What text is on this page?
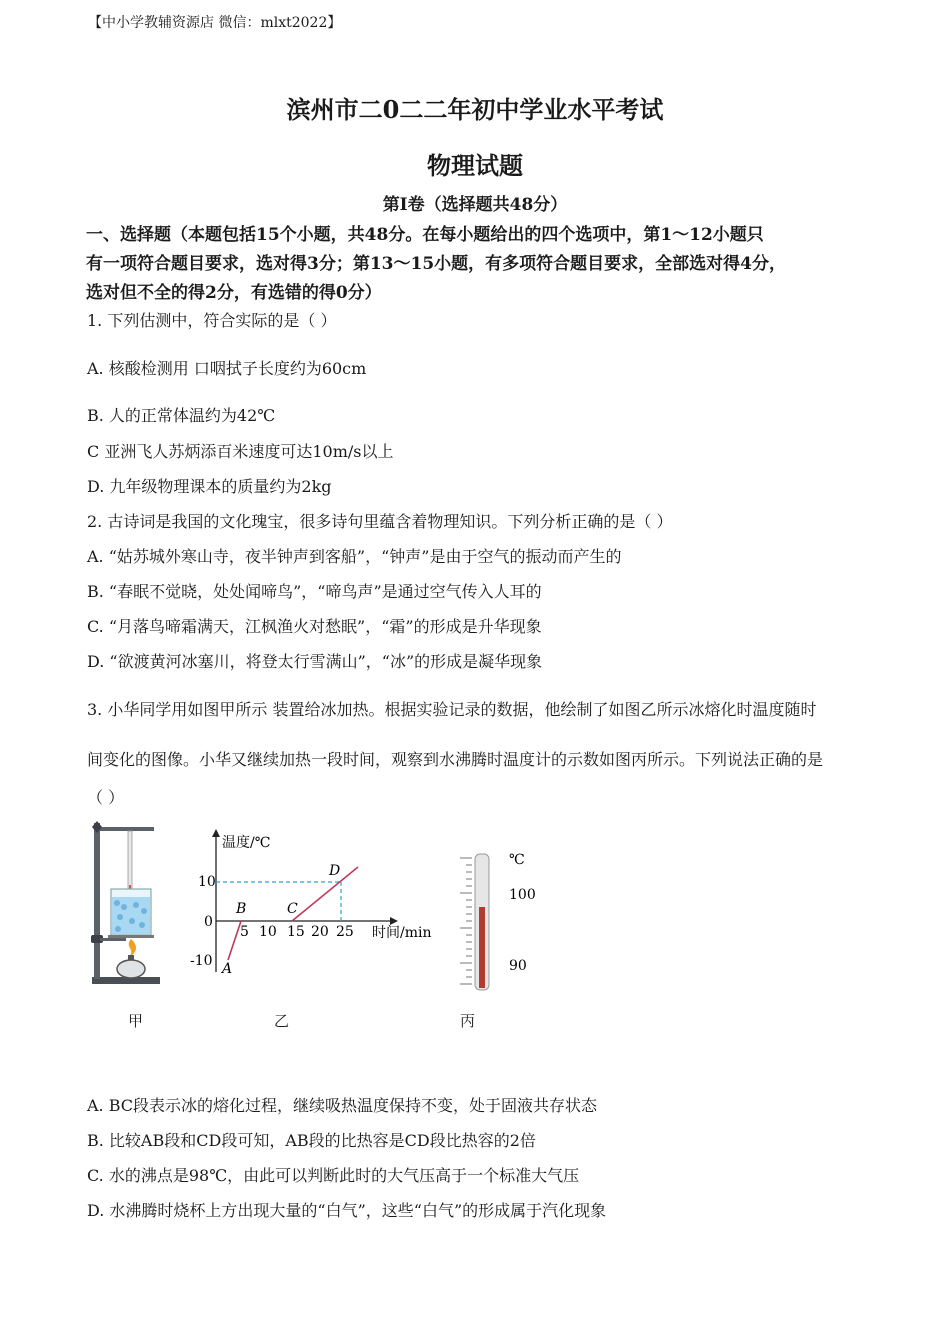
【中小学教辅资源店 微信：mlxt2022】
滨州市二0二二年初中学业水平考试
物理试题
第Ⅰ卷（选择题共48分）
一、选择题（本题包括15个小题，共48分。在每小题给出的四个选项中，第1～12小题只
有一项符合题目要求，选对得3分；第13～15小题，有多项符合题目要求，全部选对得4分，
选对但不全的得2分，有选错的得0分）
1. 下列估测中，符合实际的是（ ）
A. 核酸检测用 口咽拭子长度约为60cm
B. 人的正常体温约为42℃
C 亚洲飞人苏炳添百米速度可达10m/s以上
D. 九年级物理课本的质量约为2kg
2. 古诗词是我国的文化瑰宝，很多诗句里蕴含着物理知识。下列分析正确的是（ ）
A. “姑苏城外寒山寺，夜半钟声到客船”，“钟声”是由于空气的振动而产生的
B. “春眠不觉晓，处处闻啼鸟”，“啼鸟声”是通过空气传入人耳的
C. “月落鸟啼霜满天，江枫渔火对愁眠”，“霜”的形成是升华现象
D. “欲渡黄河冰塞川，将登太行雪满山”，“冰”的形成是凝华现象
3. 小华同学用如图甲所示 装置给冰加热。根据实验记录的数据，他绘制了如图乙所示冰熔化时温度随时
间变化的图像。小华又继续加热一段时间，观察到水沸腾时温度计的示数如图丙所示。下列说法正确的是
（ ）
甲
温度/℃
时间/min
10
0
-10
5 10 15 20 25
A
B	C
D
乙
℃
100
90
丙
A. BC段表示冰的熔化过程，继续吸热温度保持不变，处于固液共存状态
B. 比较AB段和CD段可知，AB段的比热容是CD段比热容的2倍
C. 水的沸点是98℃，由此可以判断此时的大气压高于一个标准大气压
D. 水沸腾时烧杯上方出现大量的“白气”，这些“白气”的形成属于汽化现象
